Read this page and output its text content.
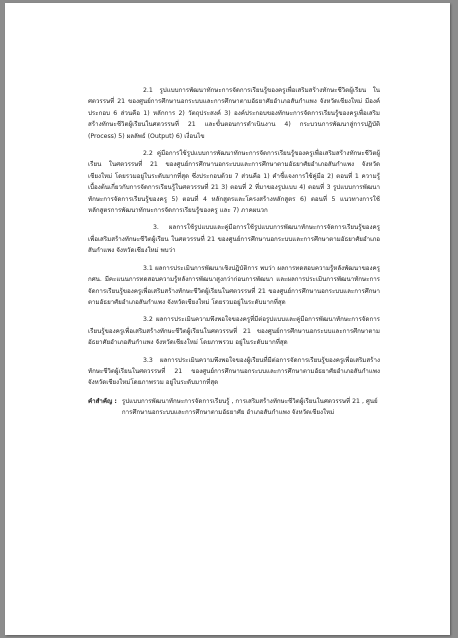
2.1 รูปแบบการพัฒนาทักษะการจัดการเรียนรู้ของครูเพื่อเสริมสร้างทักษะชีวิตผู้เรียน ในศตวรรษที่ 21 ของศูนย์การศึกษานอกระบบและการศึกษาตามอัธยาศัยอำเภอสันกำแพง จังหวัดเชียงใหม่ มีองค์ประกอบ 6 ส่วนคือ 1) หลักการ 2) วัตถุประสงค์ 3) องค์ประกอบของทักษะการจัดการเรียนรู้ของครูเพื่อเสริมสร้างทักษะชีวิตผู้เรียนในศตวรรษที่ 21 และขั้นตอนการดำเนินงาน 4) กระบวนการพัฒนาสู่การปฏิบัติ (Process) 5) ผลลัพธ์ (Output) 6) เงื่อนไข

2.2 คู่มือการใช้รูปแบบการพัฒนาทักษะการจัดการเรียนรู้ของครูเพื่อเสริมสร้างทักษะชีวิตผู้เรียน ในศตวรรษที่ 21 ของศูนย์การศึกษานอกระบบและการศึกษาตามอัธยาศัยอำเภอสันกำแพง จังหวัดเชียงใหม่ โดยรวมอยู่ในระดับมากที่สุด ซึ่งประกอบด้วย 7 ส่วนคือ 1) คำชี้แจงการใช้คู่มือ 2) ตอนที่ 1 ความรู้เบื้องต้นเกี่ยวกับการจัดการเรียนรู้ในศตวรรษที่ 21 3) ตอนที่ 2 ที่มาของรูปแบบ 4) ตอนที่ 3 รูปแบบการพัฒนาทักษะการจัดการเรียนรู้ของครู 5) ตอนที่ 4 หลักสูตรและโครงสร้างหลักสูตร 6) ตอนที่ 5 แนวทางการใช้หลักสูตรการพัฒนาทักษะการจัดการเรียนรู้ของครู และ 7) ภาคผนวก

3. ผลการใช้รูปแบบและคู่มือการใช้รูปแบบการพัฒนาทักษะการจัดการเรียนรู้ของครูเพื่อเสริมสร้างทักษะชีวิตผู้เรียน ในศตวรรษที่ 21 ของศูนย์การศึกษานอกระบบและการศึกษาตามอัธยาศัยอำเภอสันกำแพง จังหวัดเชียงใหม่ พบว่า

3.1 ผลการประเมินการพัฒนาเชิงปฏิบัติการ พบว่า ผลการทดสอบความรู้หลังพัฒนาของครู กศน. มีคะแนนการทดสอบความรู้หลังการพัฒนาสูงกว่าก่อนการพัฒนา และผลการประเมินการพัฒนาทักษะการจัดการเรียนรู้ของครูเพื่อเสริมสร้างทักษะชีวิตผู้เรียนในศตวรรษที่ 21 ของศูนย์การศึกษานอกระบบและการศึกษาตามอัธยาศัยอำเภอสันกำแพง จังหวัดเชียงใหม่ โดยรวมอยู่ในระดับมากที่สุด

3.2 ผลการประเมินความพึงพอใจของครูที่มีต่อรูปแบบและคู่มือการพัฒนาทักษะการจัดการเรียนรู้ของครูเพื่อเสริมสร้างทักษะชีวิตผู้เรียนในศตวรรษที่ 21 ของศูนย์การศึกษานอกระบบและการศึกษาตามอัธยาศัยอำเภอสันกำแพง จังหวัดเชียงใหม่ โดยภาพรวม อยู่ในระดับมากที่สุด

3.3 ผลการประเมินความพึงพอใจของผู้เรียนที่มีต่อการจัดการเรียนรู้ของครูเพื่อเสริมสร้างทักษะชีวิตผู้เรียนในศตวรรษที่ 21 ของศูนย์การศึกษานอกระบบและการศึกษาตามอัธยาศัยอำเภอสันกำแพง จังหวัดเชียงใหม่โดยภาพรวม อยู่ในระดับมากที่สุด

คำสำคัญ : รูปแบบการพัฒนาทักษะการจัดการเรียนรู้ , การเสริมสร้างทักษะชีวิตผู้เรียนในศตวรรษที่ 21 , ศูนย์การศึกษานอกระบบและการศึกษาตามอัธยาศัย อำเภอสันกำแพง จังหวัดเชียงใหม่
